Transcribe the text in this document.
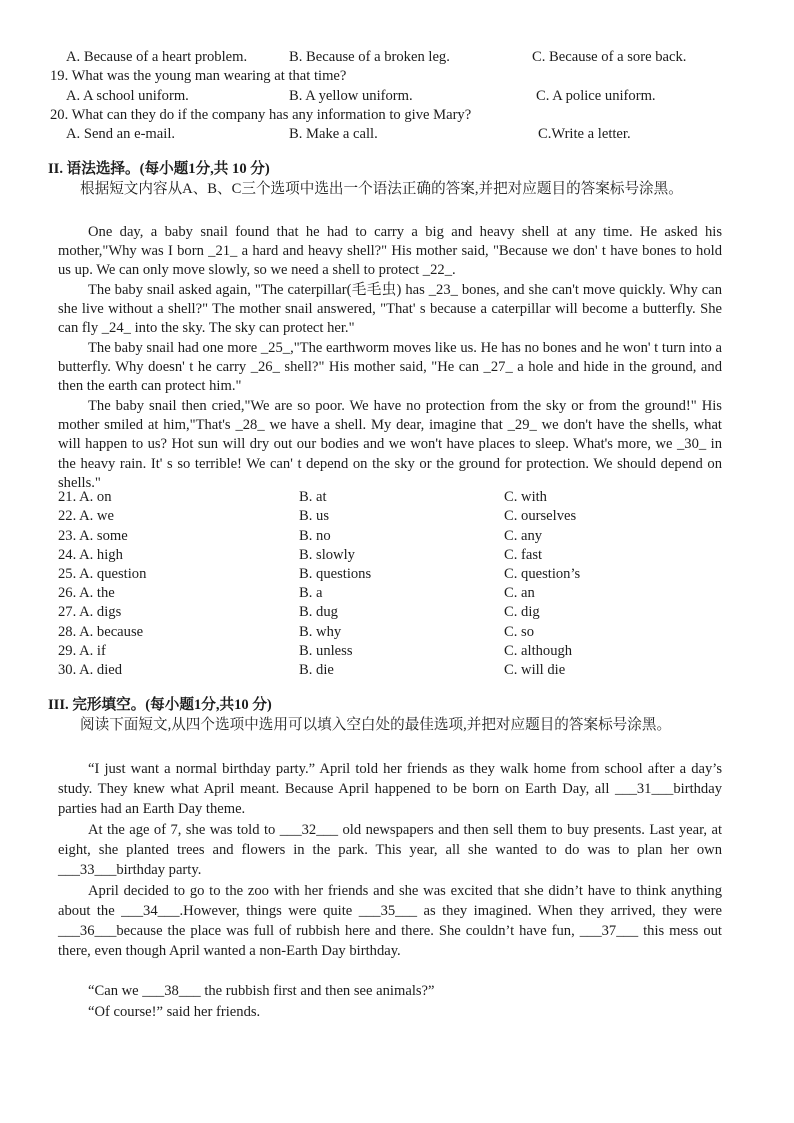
A. Because of a heart problem.	B. Because of a broken leg.	C. Because of a sore back.
19. What was the young man wearing at that time?
A. A school uniform.	B. A yellow uniform.	C. A police uniform.
20. What can they do if the company has any information to give Mary?
A. Send an e-mail.	B. Make a call.	C.Write a letter.
II. 语法选择。(每小题1分,共 10 分)
根据短文内容从A、B、C三个选项中选出一个语法正确的答案,并把对应题目的答案标号涂黑。
One day, a baby snail found that he had to carry a big and heavy shell at any time. He asked his mother,"Why was I born _21_ a hard and heavy shell?" His mother said, "Because we don' t have bones to hold us up. We can only move slowly, so we need a shell to protect _22_.
The baby snail asked again, "The caterpillar(毛毛虫) has _23_ bones, and she can't move quickly. Why can she live without a shell?" The mother snail answered, "That' s because a caterpillar will become a butterfly. She can fly _24_ into the sky. The sky can protect her."
The baby snail had one more _25_,"The earthworm moves like us. He has no bones and he won' t turn into a butterfly. Why doesn' t he carry _26_ shell?" His mother said, "He can _27_ a hole and hide in the ground, and then the earth can protect him."
The baby snail then cried,"We are so poor. We have no protection from the sky or from the ground!" His mother smiled at him,"That's _28_ we have a shell. My dear, imagine that _29_ we don't have the shells, what will happen to us? Hot sun will dry out our bodies and we won't have places to sleep. What's more, we _30_ in the heavy rain. It' s so terrible! We can' t depend on the sky or the ground for protection. We should depend on shells."
21. A. on	B. at	C. with
22. A. we	B. us	C. ourselves
23. A. some	B. no	C. any
24. A. high	B. slowly	C. fast
25. A. question	B. questions	C. question’s
26. A. the	B. a	C. an
27. A. digs	B. dug	C. dig
28. A. because	B. why	C. so
29. A. if	B. unless	C. although
30. A. died	B. die	C. will die
III. 完形填空。(每小题1分,共10 分)
阅读下面短文,从四个选项中选用可以填入空白处的最佳选项,并把对应题目的答案标号涂黑。
“I just want a normal birthday party.” April told her friends as they walk home from school after a day’s study. They knew what April meant. Because April happened to be born on Earth Day, all ___31___birthday parties had an Earth Day theme.
At the age of 7, she was told to ___32___ old newspapers and then sell them to buy presents. Last year, at eight, she planted trees and flowers in the park. This year, all she wanted to do was to plan her own ___33___birthday party.
April decided to go to the zoo with her friends and she was excited that she didn’t have to think anything about the ___34___.However, things were quite ___35___ as they imagined. When they arrived, they were ___36___because the place was full of rubbish here and there. She couldn’t have fun, ___37___ this mess out there, even though April wanted a non-Earth Day birthday.
“Can we ___38___ the rubbish first and then see animals?”
“Of course!” said her friends.
